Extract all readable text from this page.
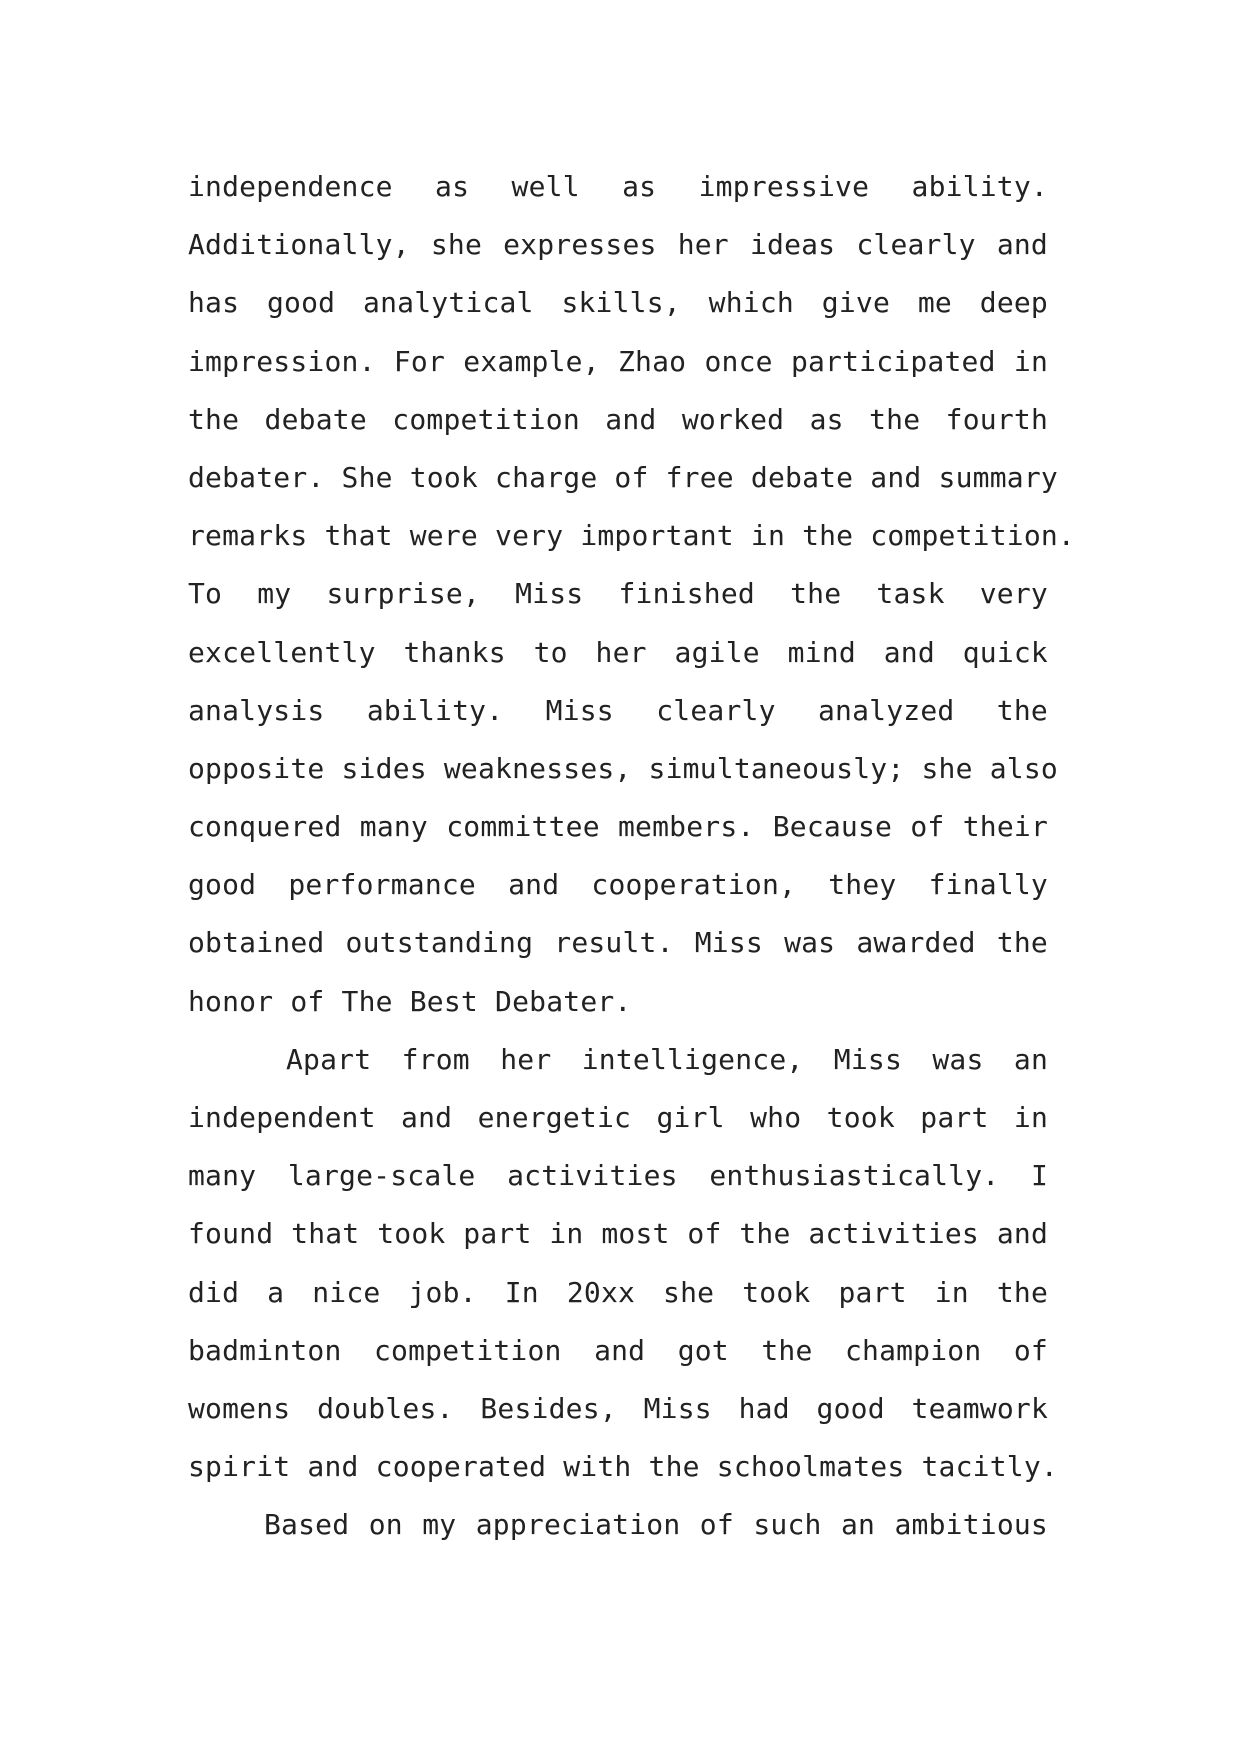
independence as well as impressive ability.
Additionally, she expresses her ideas clearly and
has good analytical skills, which give me deep
impression. For example, Zhao once participated in
the debate competition and worked as the fourth
debater. She took charge of free debate and summary
remarks that were very important in the competition.
To my surprise, Miss finished the task very
excellently thanks to her agile mind and quick
analysis ability. Miss clearly analyzed the
opposite sides weaknesses, simultaneously; she also
conquered many committee members. Because of their
good performance and cooperation, they finally
obtained outstanding result. Miss was awarded the
honor of The Best Debater.
Apart from her intelligence, Miss was an
independent and energetic girl who took part in
many large-scale activities enthusiastically. I
found that took part in most of the activities and
did a nice job. In 20xx she took part in the
badminton competition and got the champion of
womens doubles. Besides, Miss had good teamwork
spirit and cooperated with the schoolmates tacitly.
Based on my appreciation of such an ambitious
